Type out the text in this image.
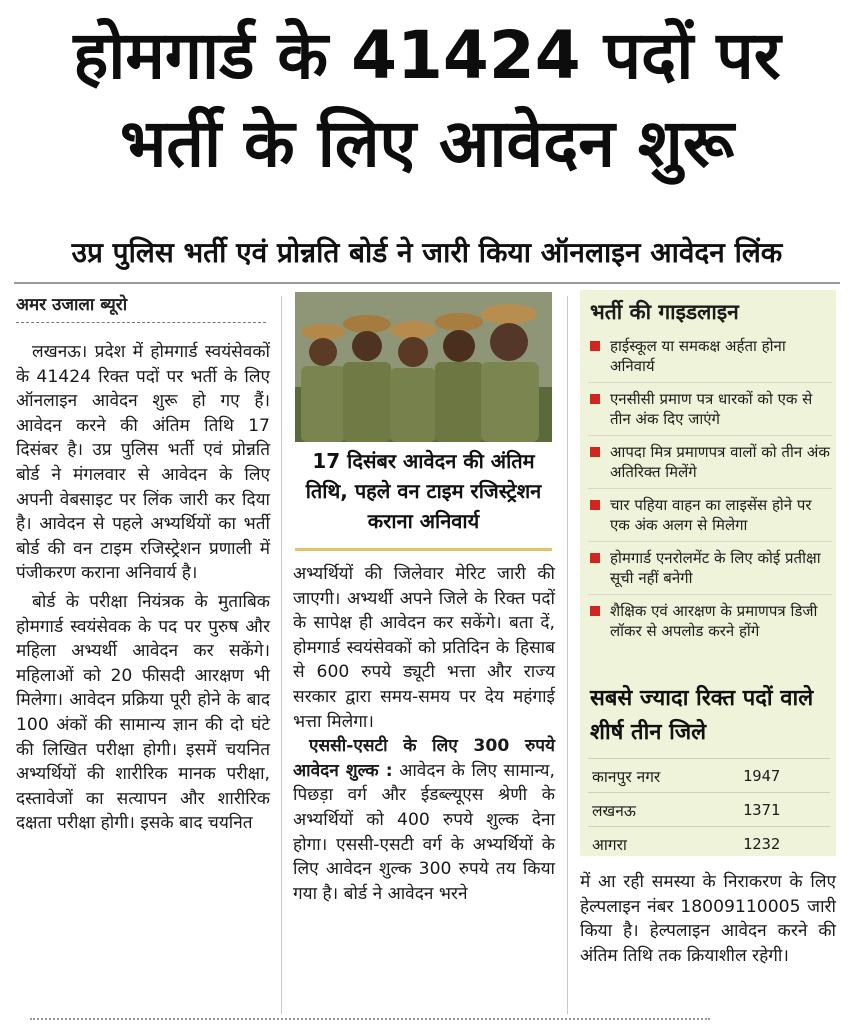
होमगार्ड के 41424 पदों पर
भर्ती के लिए आवेदन शुरू
उप्र पुलिस भर्ती एवं प्रोन्नति बोर्ड ने जारी किया ऑनलाइन आवेदन लिंक
अमर उजाला ब्यूरो

लखनऊ। प्रदेश में होमगार्ड स्वयंसेवकों के 41424 रिक्त पदों पर भर्ती के लिए ऑनलाइन आवेदन शुरू हो गए हैं। आवेदन करने की अंतिम तिथि 17 दिसंबर है। उप्र पुलिस भर्ती एवं प्रोन्नति बोर्ड ने मंगलवार से आवेदन के लिए अपनी वेबसाइट पर लिंक जारी कर दिया है। आवेदन से पहले अभ्यर्थियों का भर्ती बोर्ड की वन टाइम रजिस्ट्रेशन प्रणाली में पंजीकरण कराना अनिवार्य है।

बोर्ड के परीक्षा नियंत्रक के मुताबिक होमगार्ड स्वयंसेवक के पद पर पुरुष और महिला अभ्यर्थी आवेदन कर सकेंगे। महिलाओं को 20 फीसदी आरक्षण भी मिलेगा। आवेदन प्रक्रिया पूरी होने के बाद 100 अंकों की सामान्य ज्ञान की दो घंटे की लिखित परीक्षा होगी। इसमें चयनित अभ्यर्थियों की शारीरिक मानक परीक्षा, दस्तावेजों का सत्यापन और शारीरिक दक्षता परीक्षा होगी। इसके बाद चयनित

17 दिसंबर आवेदन की अंतिम तिथि, पहले वन टाइम रजिस्ट्रेशन कराना अनिवार्य

अभ्यर्थियों की जिलेवार मेरिट जारी की जाएगी। अभ्यर्थी अपने जिले के रिक्त पदों के सापेक्ष ही आवेदन कर सकेंगे। बता दें, होमगार्ड स्वयंसेवकों को प्रतिदिन के हिसाब से 600 रुपये ड्यूटी भत्ता और राज्य सरकार द्वारा समय-समय पर देय महंगाई भत्ता मिलेगा।

एससी-एसटी के लिए 300 रुपये आवेदन शुल्क : आवेदन के लिए सामान्य, पिछड़ा वर्ग और ईडब्ल्यूएस श्रेणी के अभ्यर्थियों को 400 रुपये शुल्क देना होगा। एससी-एसटी वर्ग के अभ्यर्थियों के लिए आवेदन शुल्क 300 रुपये तय किया गया है। बोर्ड ने आवेदन भरने

भर्ती की गाइडलाइन
हाईस्कूल या समकक्ष अर्हता होना अनिवार्य
एनसीसी प्रमाण पत्र धारकों को एक से तीन अंक दिए जाएंगे
आपदा मित्र प्रमाणपत्र वालों को तीन अंक अतिरिक्त मिलेंगे
चार पहिया वाहन का लाइसेंस होने पर एक अंक अलग से मिलेगा
होमगार्ड एनरोलमेंट के लिए कोई प्रतीक्षा सूची नहीं बनेगी
शैक्षिक एवं आरक्षण के प्रमाणपत्र डिजी लॉकर से अपलोड करने होंगे
सबसे ज्यादा रिक्त पदों वाले शीर्ष तीन जिले
कानपुर नगर	1947
लखनऊ	1371
आगरा	1232

में आ रही समस्या के निराकरण के लिए हेल्पलाइन नंबर 18009110005 जारी किया है। हेल्पलाइन आवेदन करने की अंतिम तिथि तक क्रियाशील रहेगी।
